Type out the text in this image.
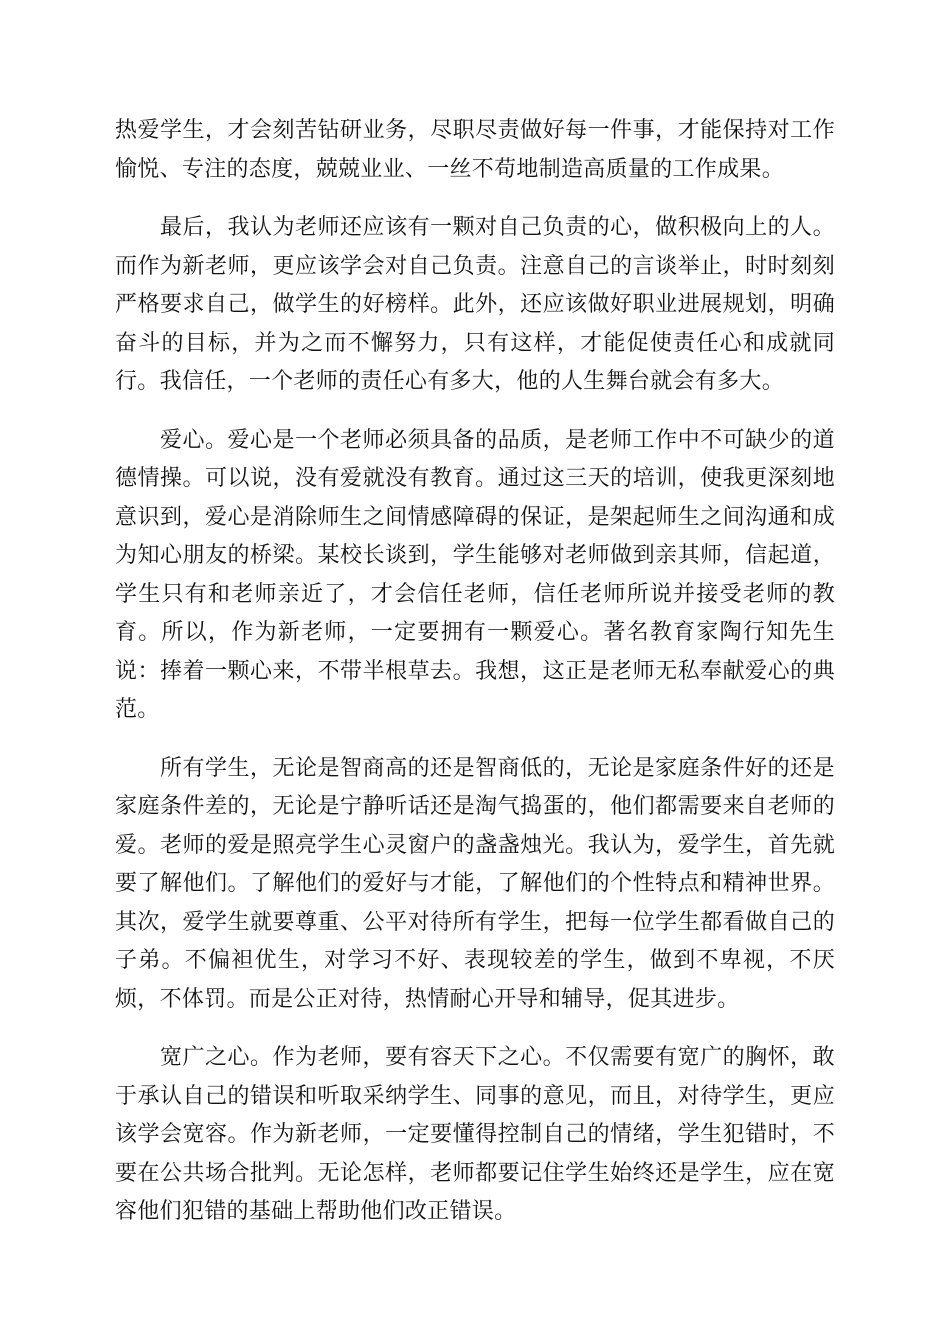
热爱学生，才会刻苦钻研业务，尽职尽责做好每一件事，才能保持对工作愉悦、专注的态度，兢兢业业、一丝不苟地制造高质量的工作成果。

最后，我认为老师还应该有一颗对自己负责的心，做积极向上的人。而作为新老师，更应该学会对自己负责。注意自己的言谈举止，时时刻刻严格要求自己，做学生的好榜样。此外，还应该做好职业进展规划，明确奋斗的目标，并为之而不懈努力，只有这样，才能促使责任心和成就同行。我信任，一个老师的责任心有多大，他的人生舞台就会有多大。

爱心。爱心是一个老师必须具备的品质，是老师工作中不可缺少的道德情操。可以说，没有爱就没有教育。通过这三天的培训，使我更深刻地意识到，爱心是消除师生之间情感障碍的保证，是架起师生之间沟通和成为知心朋友的桥梁。某校长谈到，学生能够对老师做到亲其师，信起道，学生只有和老师亲近了，才会信任老师，信任老师所说并接受老师的教育。所以，作为新老师，一定要拥有一颗爱心。著名教育家陶行知先生说：捧着一颗心来，不带半根草去。我想，这正是老师无私奉献爱心的典范。

所有学生，无论是智商高的还是智商低的，无论是家庭条件好的还是家庭条件差的，无论是宁静听话还是淘气捣蛋的，他们都需要来自老师的爱。老师的爱是照亮学生心灵窗户的盏盏烛光。我认为，爱学生，首先就要了解他们。了解他们的爱好与才能，了解他们的个性特点和精神世界。其次，爱学生就要尊重、公平对待所有学生，把每一位学生都看做自己的子弟。不偏袒优生，对学习不好、表现较差的学生，做到不卑视，不厌烦，不体罚。而是公正对待，热情耐心开导和辅导，促其进步。

宽广之心。作为老师，要有容天下之心。不仅需要有宽广的胸怀，敢于承认自己的错误和听取采纳学生、同事的意见，而且，对待学生，更应该学会宽容。作为新老师，一定要懂得控制自己的情绪，学生犯错时，不要在公共场合批判。无论怎样，老师都要记住学生始终还是学生，应在宽容他们犯错的基础上帮助他们改正错误。
